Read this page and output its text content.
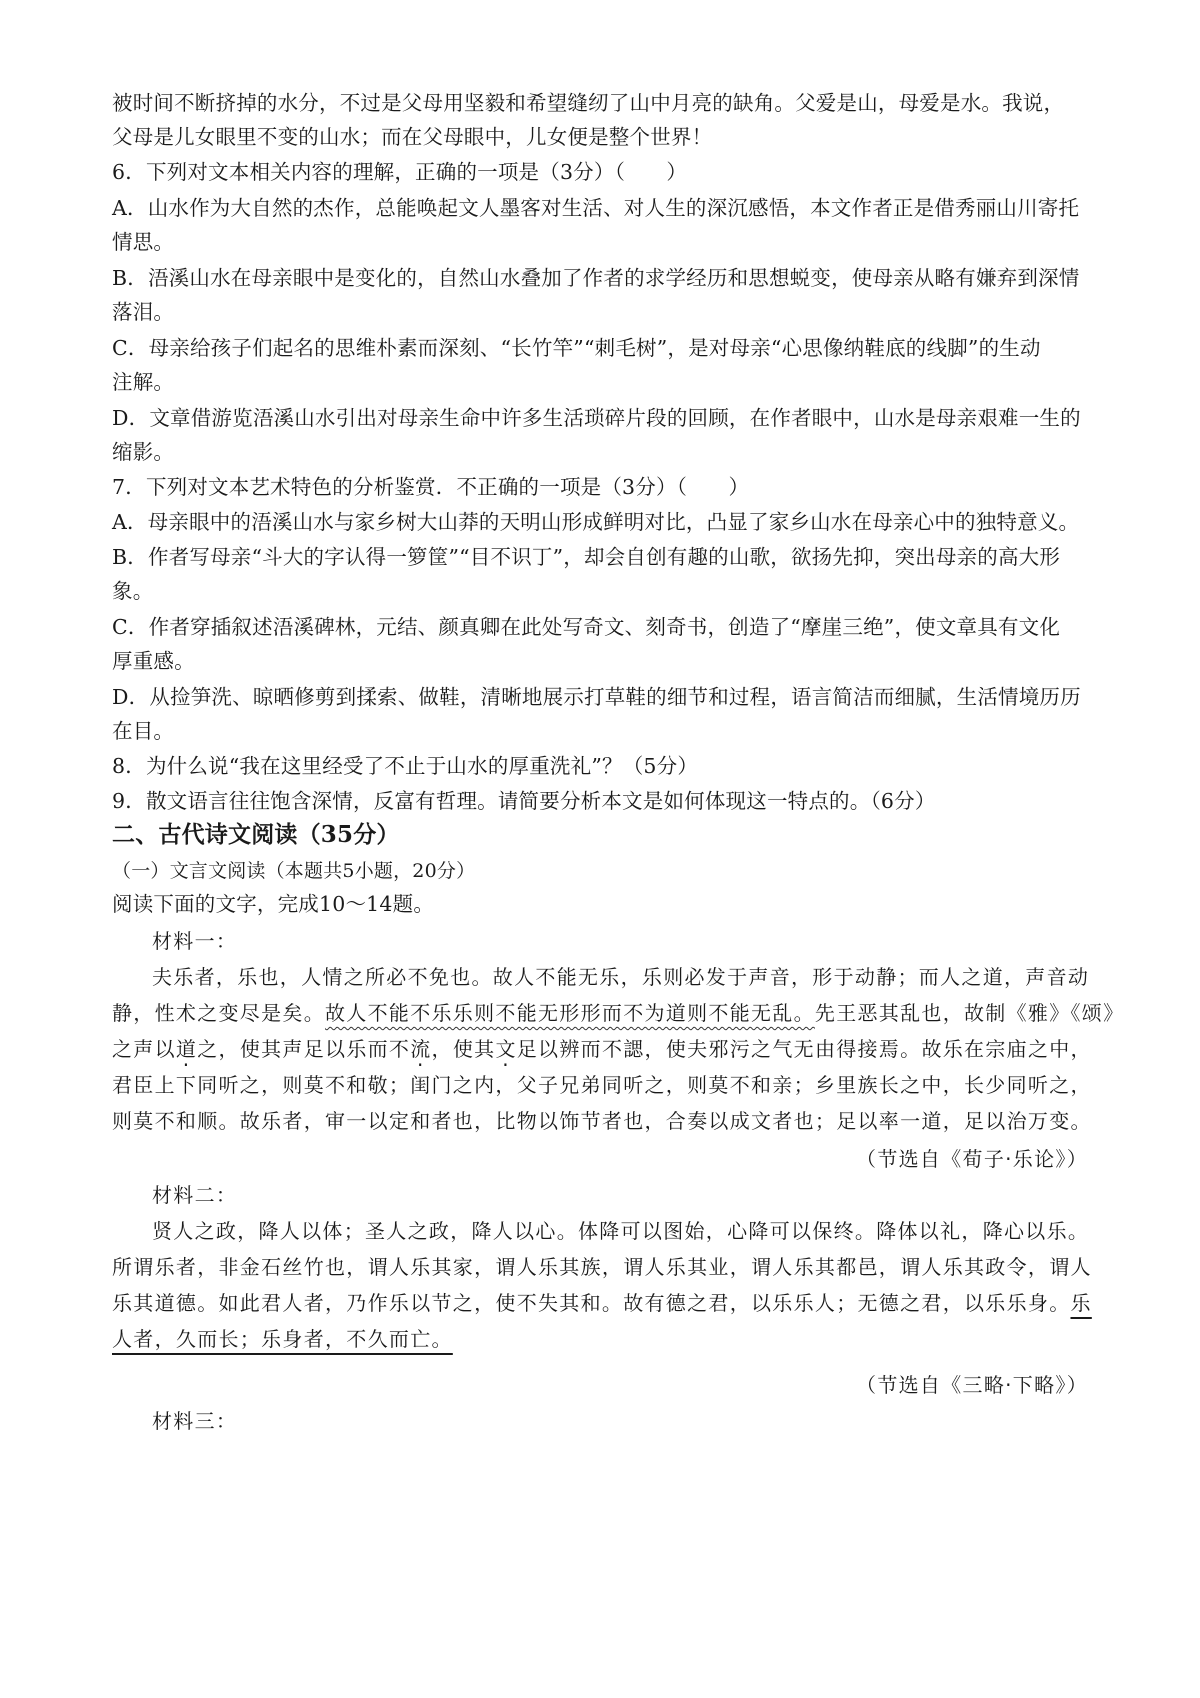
被时间不断挤掉的水分，不过是父母用坚毅和希望缝纫了山中月亮的缺角。父爱是山，母爱是水。我说，
父母是儿女眼里不变的山水；而在父母眼中，儿女便是整个世界！
6．下列对文本相关内容的理解，正确的一项是（3分）（　　）
A．山水作为大自然的杰作，总能唤起文人墨客对生活、对人生的深沉感悟，本文作者正是借秀丽山川寄托
情思。
B．浯溪山水在母亲眼中是变化的，自然山水叠加了作者的求学经历和思想蜕变，使母亲从略有嫌弃到深情
落泪。
C．母亲给孩子们起名的思维朴素而深刻、“长竹竿”“刺毛树”，是对母亲“心思像纳鞋底的线脚”的生动
注解。
D．文章借游览浯溪山水引出对母亲生命中许多生活琐碎片段的回顾，在作者眼中，山水是母亲艰难一生的
缩影。
7．下列对文本艺术特色的分析鉴赏．不正确的一项是（3分）（　　）
A．母亲眼中的浯溪山水与家乡树大山莽的天明山形成鲜明对比，凸显了家乡山水在母亲心中的独特意义。
B．作者写母亲“斗大的字认得一箩筐”“目不识丁”，却会自创有趣的山歌，欲扬先抑，突出母亲的高大形
象。
C．作者穿插叙述浯溪碑林，元结、颜真卿在此处写奇文、刻奇书，创造了“摩崖三绝”，使文章具有文化
厚重感。
D．从捡笋洗、晾晒修剪到揉索、做鞋，清晰地展示打草鞋的细节和过程，语言简洁而细腻，生活情境历历
在目。
8．为什么说“我在这里经受了不止于山水的厚重洗礼”？（5分）
9．散文语言往往饱含深情，反富有哲理。请简要分析本文是如何体现这一特点的。（6分）
二、古代诗文阅读（35分）
（一）文言文阅读（本题共5小题，20分）
阅读下面的文字，完成10～14题。
材料一：
夫乐者，乐也，人情之所必不免也。故人不能无乐，乐则必发于声音，形于动静；而人之道，声音动
静，性术之变尽是矣。故人不能不乐乐则不能无形形而不为道则不能无乱。先王恶其乱也，故制《雅》《颂》
之声以道之，使其声足以乐而不流，使其文足以辨而不諰，使夫邪污之气无由得接焉。故乐在宗庙之中，
君臣上下同听之，则莫不和敬；闺门之内，父子兄弟同听之，则莫不和亲；乡里族长之中，长少同听之，
则莫不和顺。故乐者，审一以定和者也，比物以饰节者也，合奏以成文者也；足以率一道，足以治万变。
（节选自《荀子·乐论》）
材料二：
贤人之政，降人以体；圣人之政，降人以心。体降可以图始，心降可以保终。降体以礼，降心以乐。
所谓乐者，非金石丝竹也，谓人乐其家，谓人乐其族，谓人乐其业，谓人乐其都邑，谓人乐其政令，谓人
乐其道德。如此君人者，乃作乐以节之，使不失其和。故有德之君，以乐乐人；无德之君，以乐乐身。乐
人者，久而长；乐身者，不久而亡。
（节选自《三略·下略》）
材料三：
